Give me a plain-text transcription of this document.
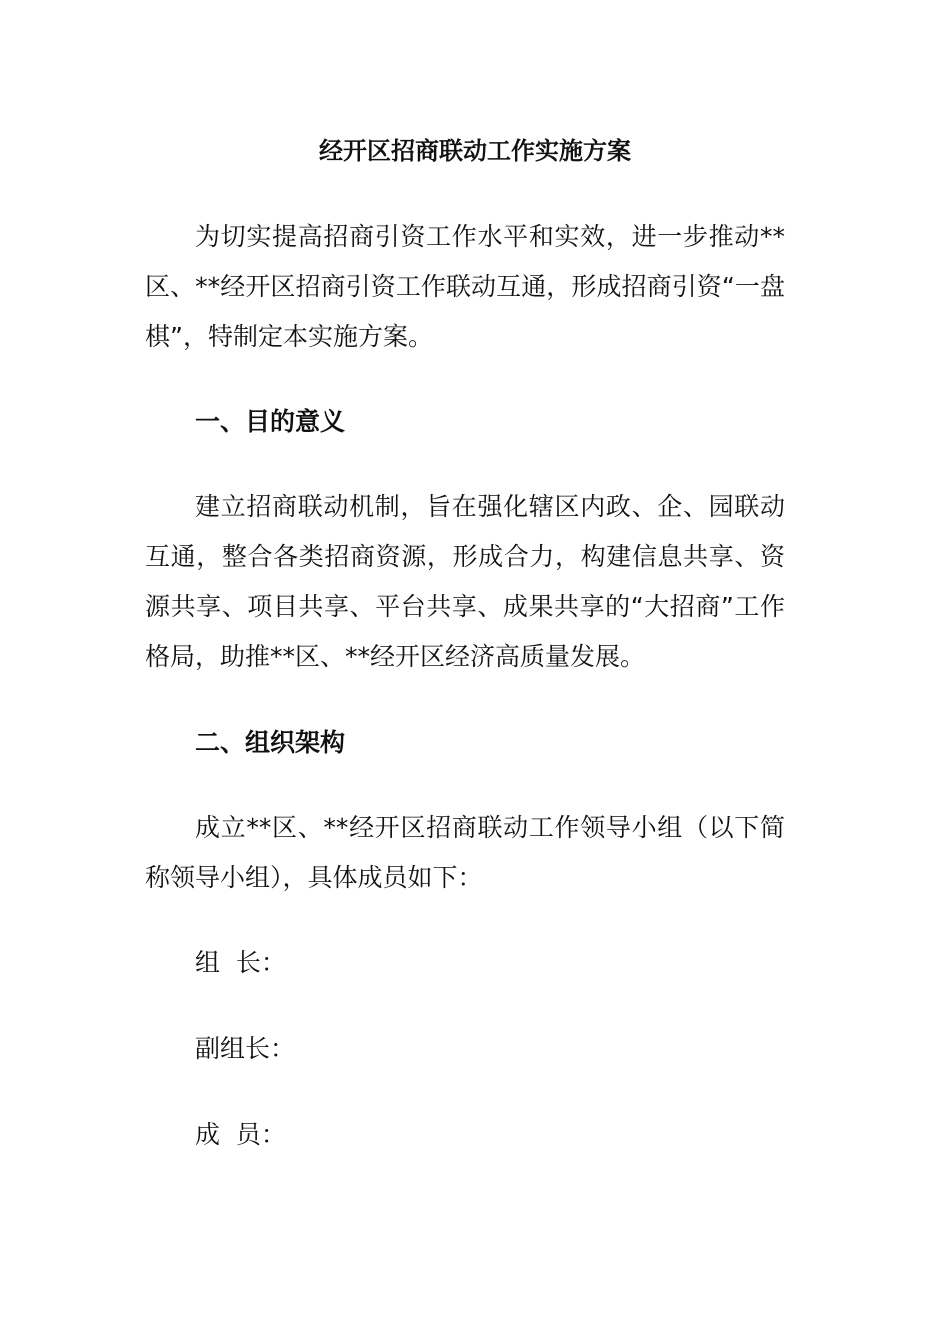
经开区招商联动工作实施方案

为切实提高招商引资工作水平和实效，进一步推动**区、**经开区招商引资工作联动互通，形成招商引资“一盘棋”，特制定本实施方案。

一、目的意义

建立招商联动机制，旨在强化辖区内政、企、园联动互通，整合各类招商资源，形成合力，构建信息共享、资源共享、项目共享、平台共享、成果共享的“大招商”工作格局，助推**区、**经开区经济高质量发展。

二、组织架构

成立**区、**经开区招商联动工作领导小组（以下简称领导小组），具体成员如下：

组  长：
副组长：
成  员：
